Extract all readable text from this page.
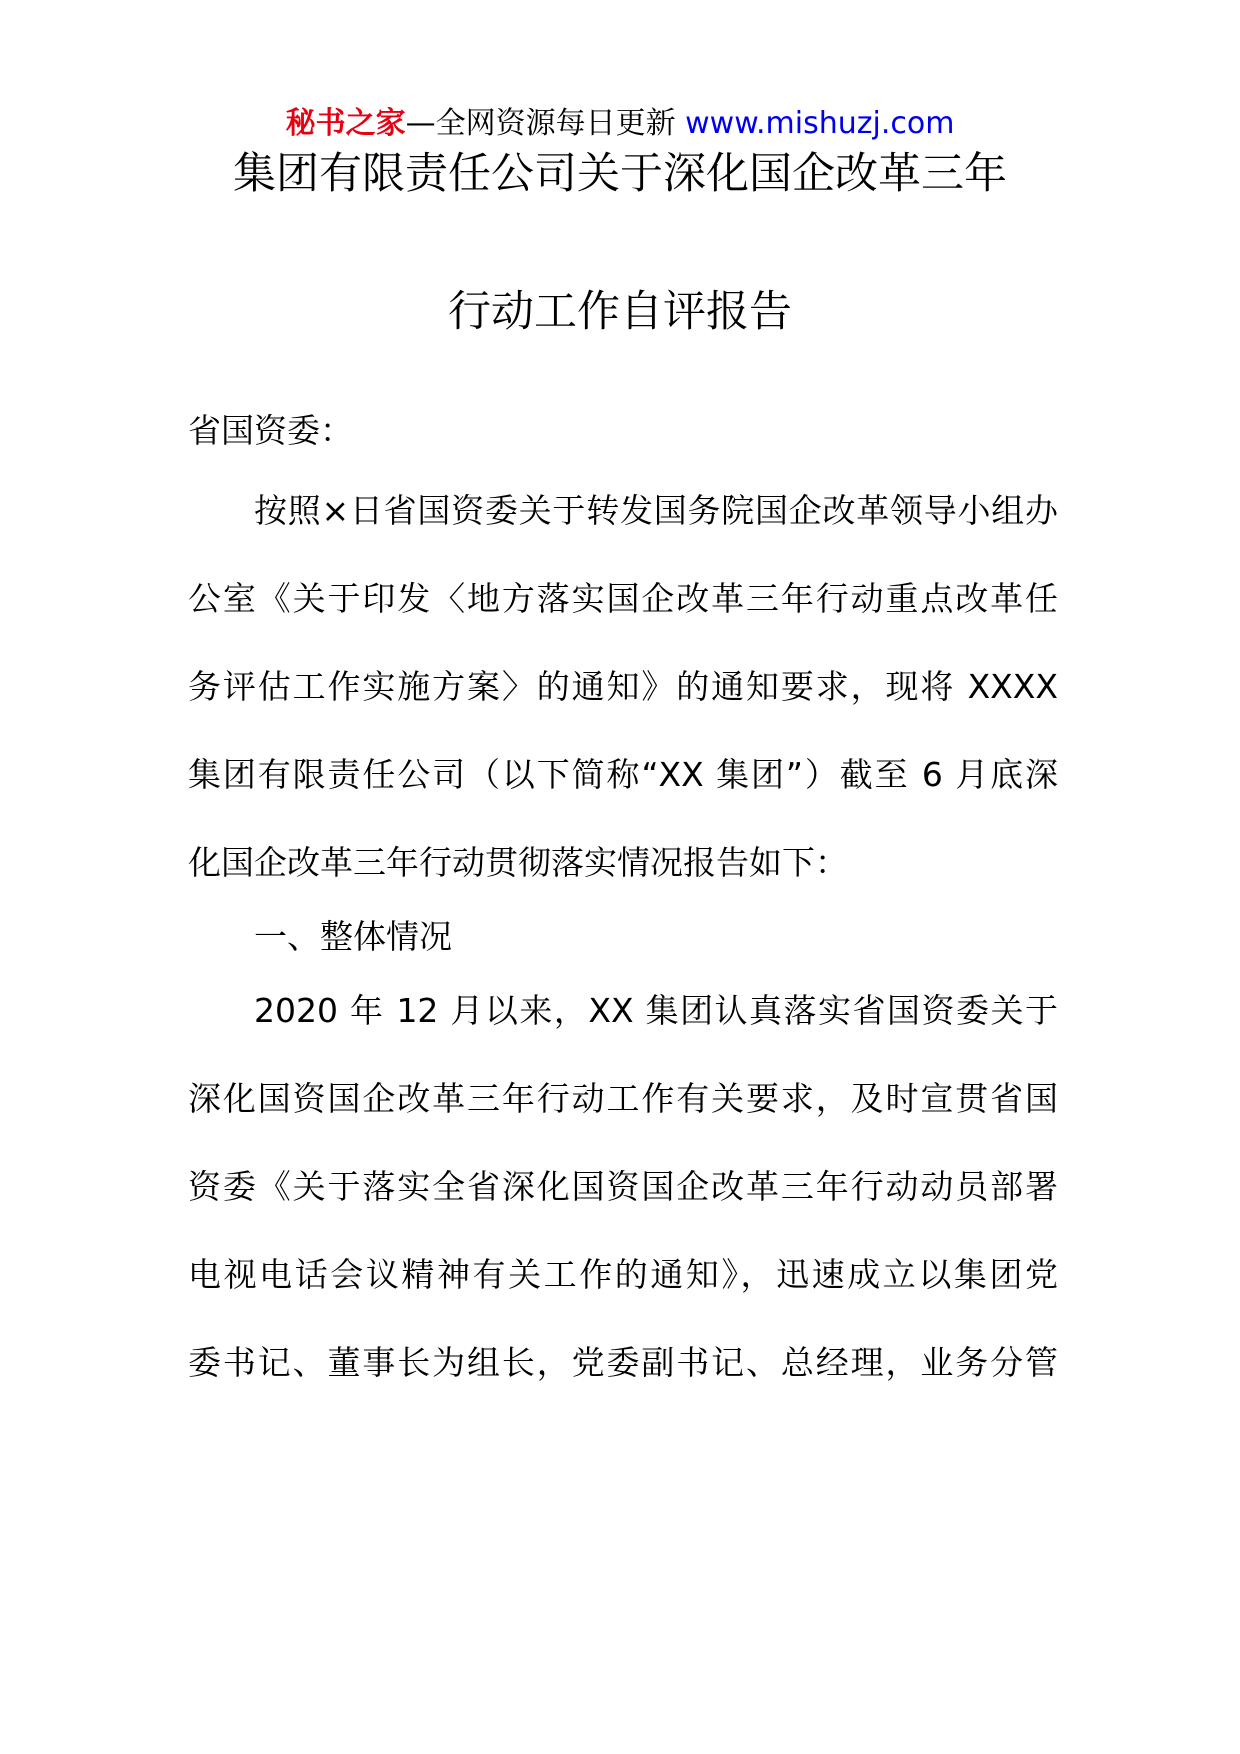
秘书之家—全网资源每日更新 www.mishuzj.com
集团有限责任公司关于深化国企改革三年
行动工作自评报告
省国资委：
按照×日省国资委关于转发国务院国企改革领导小组办
公室《关于印发〈地方落实国企改革三年行动重点改革任
务评估工作实施方案〉的通知》的通知要求，现将 XXXX
集团有限责任公司（以下简称“XX 集团”）截至 6 月底深
化国企改革三年行动贯彻落实情况报告如下：
一、整体情况
2020 年 12 月以来，XX 集团认真落实省国资委关于
深化国资国企改革三年行动工作有关要求，及时宣贯省国
资委《关于落实全省深化国资国企改革三年行动动员部署
电视电话会议精神有关工作的通知》，迅速成立以集团党
委书记、董事长为组长，党委副书记、总经理，业务分管
